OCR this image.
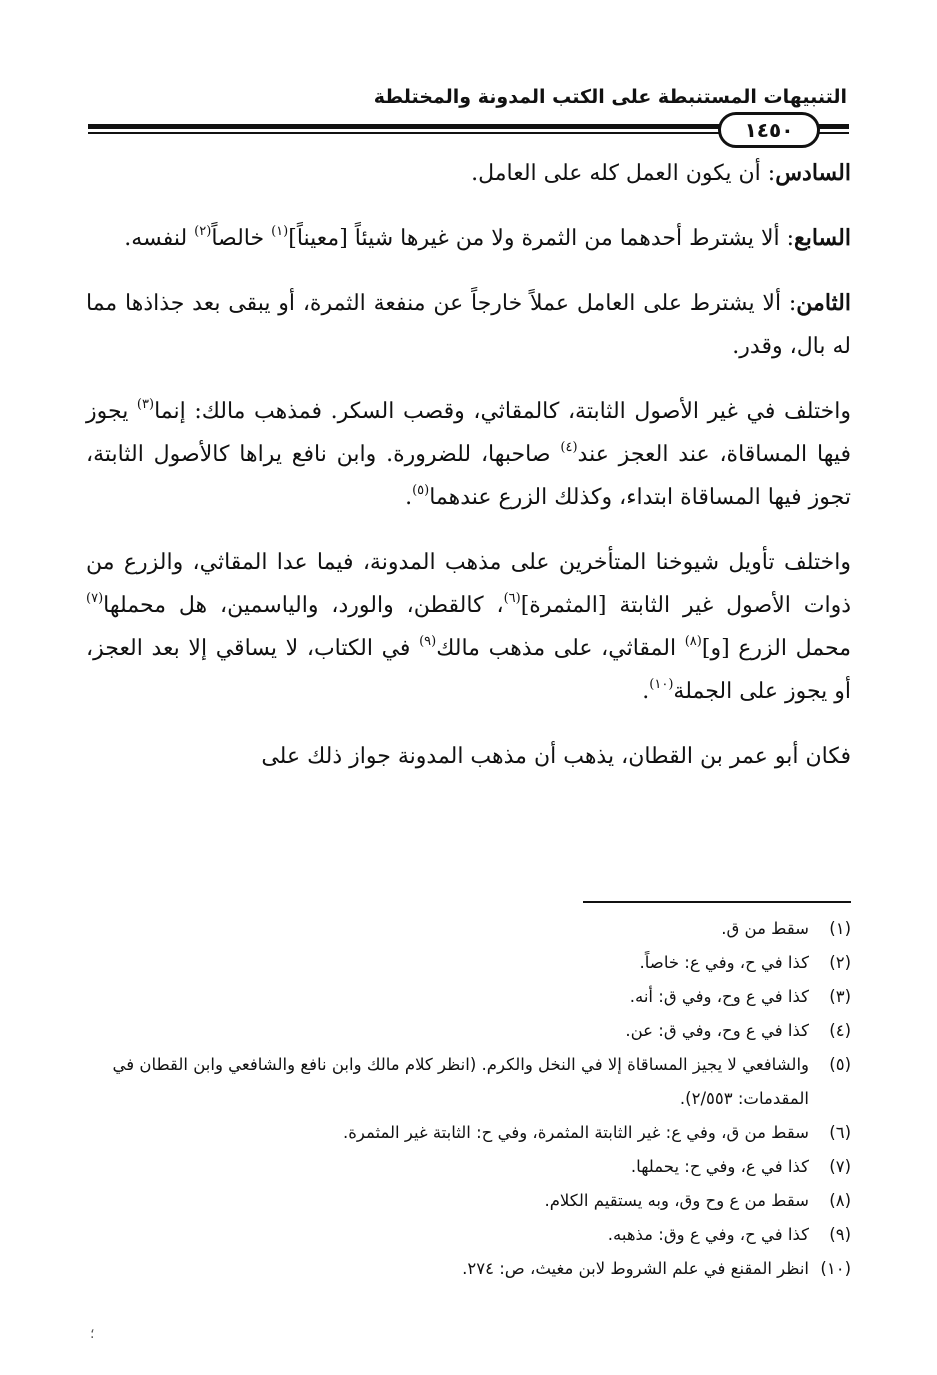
التنبيهات المستنبطة على الكتب المدونة والمختلطة
١٤٥٠

السادس: أن يكون العمل كله على العامل.

السابع: ألا يشترط أحدهما من الثمرة ولا من غيرها شيئاً [معيناً]$^{(١)}$ خالصاً$^{(٢)}$ لنفسه.

الثامن: ألا يشترط على العامل عملاً خارجاً عن منفعة الثمرة، أو يبقى بعد جذاذها مما له بال، وقدر.

واختلف في غير الأصول الثابتة، كالمقاثي، وقصب السكر. فمذهب مالك: إنما$^{(٣)}$ يجوز فيها المساقاة، عند العجز عند$^{(٤)}$ صاحبها، للضرورة. وابن نافع يراها كالأصول الثابتة، تجوز فيها المساقاة ابتداء، وكذلك الزرع عندهما$^{(٥)}$.

واختلف تأويل شيوخنا المتأخرين على مذهب المدونة، فيما عدا المقاثي، والزرع من ذوات الأصول غير الثابتة [المثمرة]$^{(٦)}$، كالقطن، والورد، والياسمين، هل محملها$^{(٧)}$ محمل الزرع [و]$^{(٨)}$ المقاثي، على مذهب مالك$^{(٩)}$ في الكتاب، لا يساقي إلا بعد العجز، أو يجوز على الجملة$^{(١٠)}$.

فكان أبو عمر بن القطان، يذهب أن مذهب المدونة جواز ذلك على

(١)
سقط من ق.
(٢)
كذا في ح، وفي ع: خاصاً.
(٣)
كذا في ع وح، وفي ق: أنه.
(٤)
كذا في ع وح، وفي ق: عن.
(٥)
والشافعي لا يجيز المساقاة إلا في النخل والكرم. (انظر كلام مالك وابن نافع والشافعي وابن القطان في المقدمات: ٢/٥٥٣).
(٦)
سقط من ق، وفي ع: غير الثابتة المثمرة، وفي ح: الثابتة غير المثمرة.
(٧)
كذا في ع، وفي ح: يحملها.
(٨)
سقط من ع وح وق، وبه يستقيم الكلام.
(٩)
كذا في ح، وفي ع وق: مذهبه.
(١٠)
انظر المقنع في علم الشروط لابن مغيث، ص: ٢٧٤.
؛
